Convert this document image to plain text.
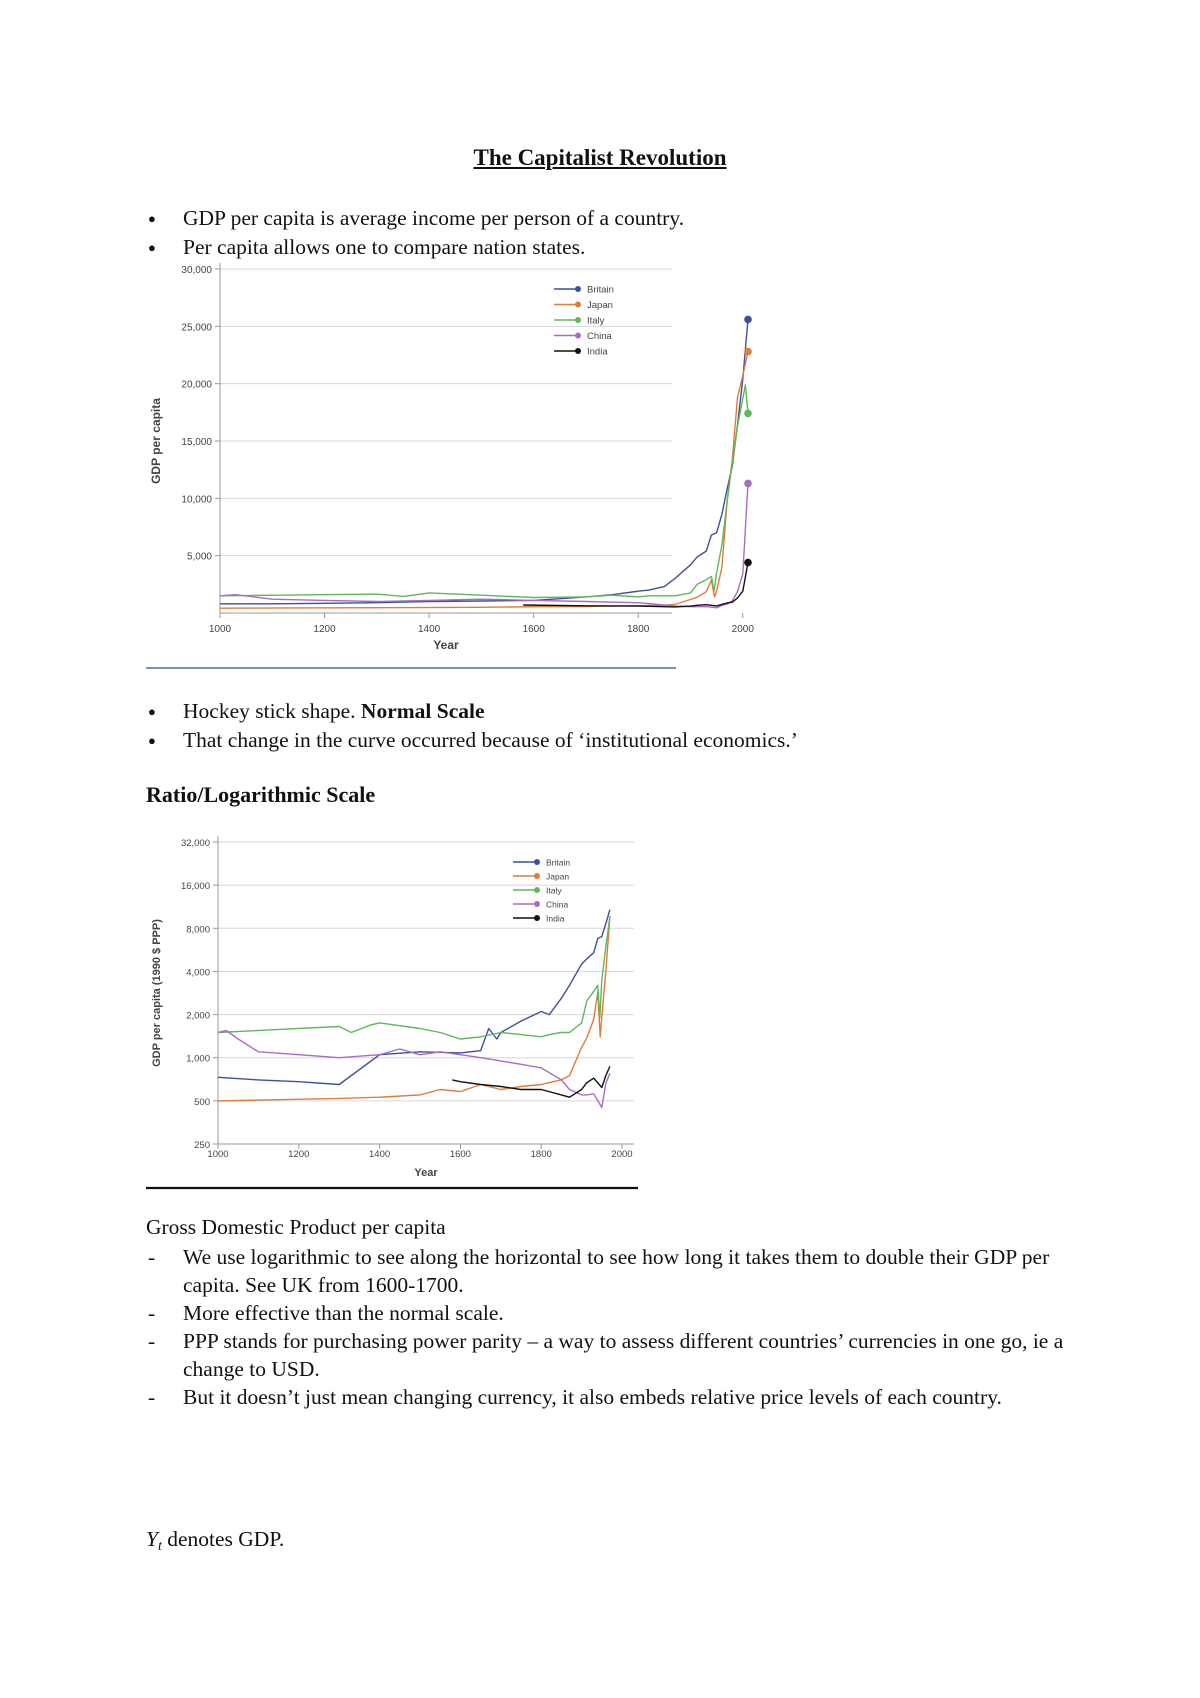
The Capitalist Revolution
● GDP per capita is average income per person of a country.
● Per capita allows one to compare nation states.
5,000
10,000
15,000
20,000
25,000
30,000
1000	1200	1400	1600	1800	2000
Year
GDP per capita
Britain
Japan
Italy
China
India
● Hockey stick shape. Normal Scale
● That change in the curve occurred because of ‘institutional economics.’
Ratio/Logarithmic Scale
250
500
1,000
2,000
4,000
8,000
16,000
32,000
1000	1200	1400	1600	1800	2000
Year
GDP per capita (1990 $ PPP)
Britain
Japan
Italy
China
India
Gross Domestic Product per capita
- We use logarithmic to see along the horizontal to see how long it takes them to double their GDP per capita. See UK from 1600-1700.
- More effective than the normal scale.
- PPP stands for purchasing power parity – a way to assess different countries’ currencies in one go, ie a change to USD.
- But it doesn’t just mean changing currency, it also embeds relative price levels of each country.
$Y_t$ denotes GDP.
